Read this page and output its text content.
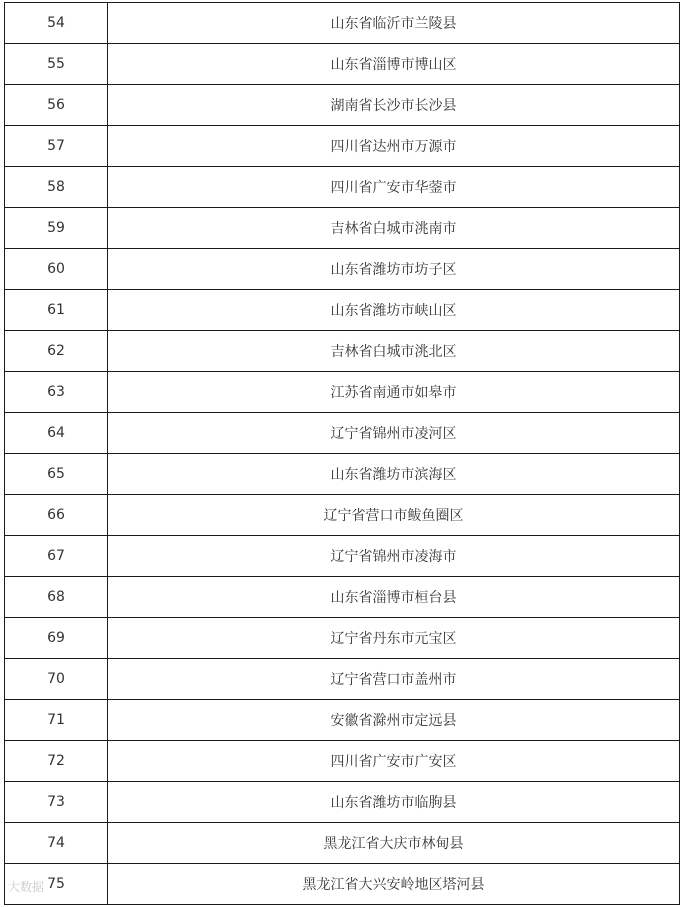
54	山东省临沂市兰陵县
55	山东省淄博市博山区
56	湖南省长沙市长沙县
57	四川省达州市万源市
58	四川省广安市华蓥市
59	吉林省白城市洮南市
60	山东省潍坊市坊子区
61	山东省潍坊市峡山区
62	吉林省白城市洮北区
63	江苏省南通市如皋市
64	辽宁省锦州市凌河区
65	山东省潍坊市滨海区
66	辽宁省营口市鲅鱼圈区
67	辽宁省锦州市凌海市
68	山东省淄博市桓台县
69	辽宁省丹东市元宝区
70	辽宁省营口市盖州市
71	安徽省滁州市定远县
72	四川省广安市广安区
73	山东省潍坊市临朐县
74	黑龙江省大庆市林甸县
75	黑龙江省大兴安岭地区塔河县
大数据
